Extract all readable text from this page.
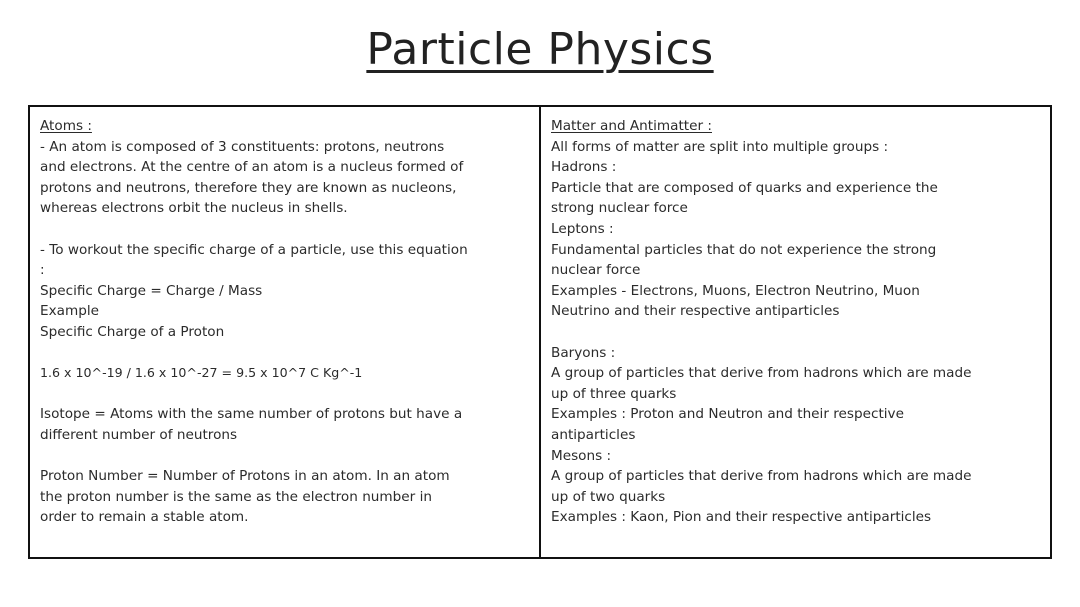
Particle Physics
Atoms :
- An atom is composed of 3 constituents: protons, neutrons
and electrons. At the centre of an atom is a nucleus formed of
protons and neutrons, therefore they are known as nucleons,
whereas electrons orbit the nucleus in shells.
- To workout the specific charge of a particle, use this equation
:
Specific Charge = Charge / Mass
Example
Specific Charge of a Proton
1.6 x 10^-19 / 1.6 x 10^-27 = 9.5 x 10^7 C Kg^-1
Isotope = Atoms with the same number of protons but have a
different number of neutrons
Proton Number = Number of Protons in an atom. In an atom
the proton number is the same as the electron number in
order to remain a stable atom.
Matter and Antimatter :
All forms of matter are split into multiple groups :
Hadrons :
Particle that are composed of quarks and experience the
strong nuclear force
Leptons :
Fundamental particles that do not experience the strong
nuclear force
Examples - Electrons, Muons, Electron Neutrino, Muon
Neutrino and their respective antiparticles
Baryons :
A group of particles that derive from hadrons which are made
up of three quarks
Examples : Proton and Neutron and their respective
antiparticles
Mesons :
A group of particles that derive from hadrons which are made
up of two quarks
Examples : Kaon, Pion and their respective antiparticles
